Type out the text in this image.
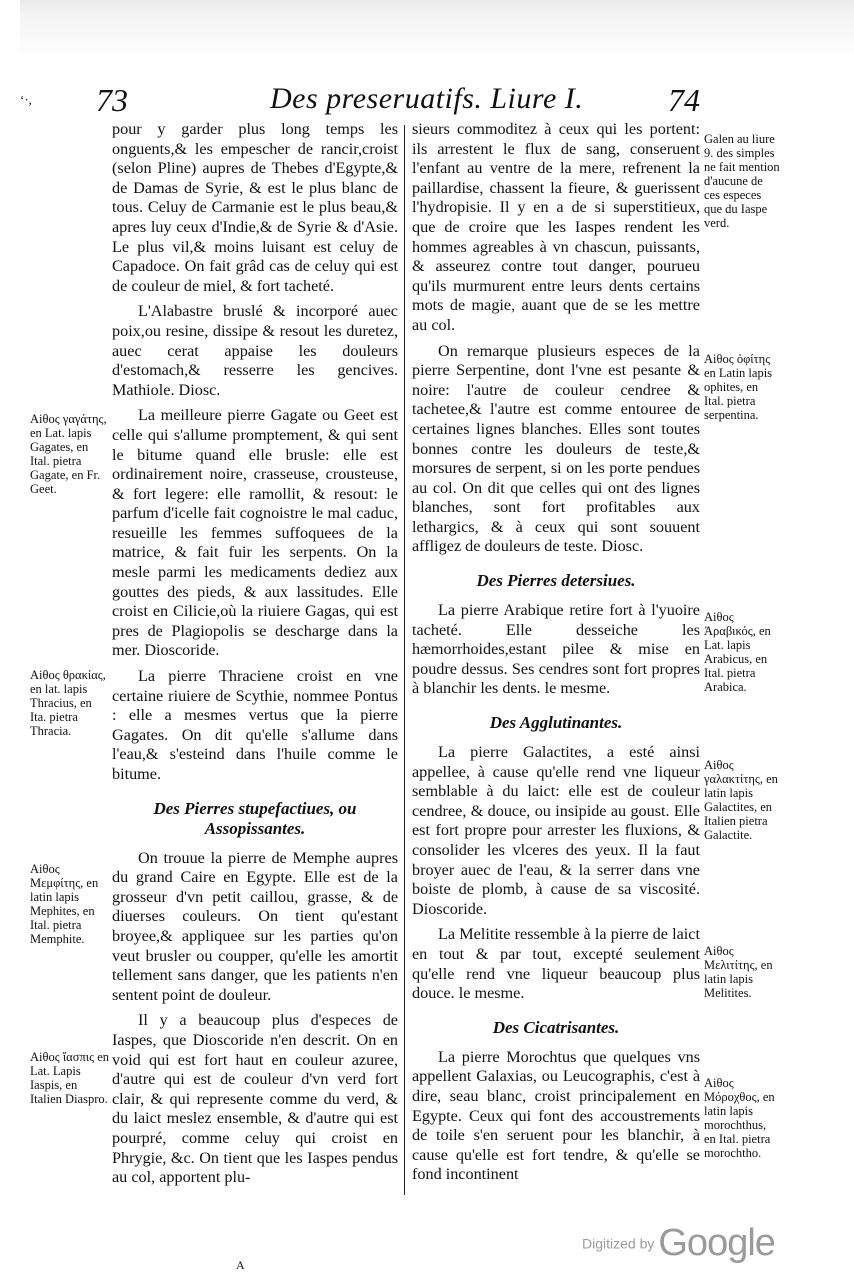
‘·, 73	Des preseruatifs. Liure I.	74

pour y garder plus long temps les onguents,& les empescher de rancir,croist (selon Pline) aupres de Thebes d'Egypte,& de Damas de Syrie, & est le plus blanc de tous. Celuy de Carmanie est le plus beau,& apres luy ceux d'Indie,& de Syrie & d'Asie. Le plus vil,& moins luisant est celuy de Capadoce. On fait grâd cas de celuy qui est de couleur de miel, & fort tacheté.

L'Alabastre bruslé & incorporé auec poix,ou resine, dissipe & resout les duretez, auec cerat appaise les douleurs d'estomach,& resserre les gencives. Mathiole. Diosc.

La meilleure pierre Gagate ou Geet est celle qui s'allume promptement, & qui sent le bitume quand elle brusle: elle est ordinairement noire, crasseuse, crousteuse, & fort legere: elle ramollit, & resout: le parfum d'icelle fait cognoistre le mal caduc, resueille les femmes suffoquees de la matrice, & fait fuir les serpents. On la mesle parmi les medicaments dediez aux gouttes des pieds, & aux lassitudes. Elle croist en Cilicie,où la riuiere Gagas, qui est pres de Plagiopolis se descharge dans la mer. Dioscoride.

La pierre Thraciene croist en vne certaine riuiere de Scythie, nommee Pontus : elle a mesmes vertus que la pierre Gagates. On dit qu'elle s'allume dans l'eau,& s'esteind dans l'huile comme le bitume.

Des Pierres stupefactiues, ou Assopissantes.

On trouue la pierre de Memphe aupres du grand Caire en Egypte. Elle est de la grosseur d'vn petit caillou, grasse, & de diuerses couleurs. On tient qu'estant broyee,& appliquee sur les parties qu'on veut brusler ou coupper, qu'elle les amortit tellement sans danger, que les patients n'en sentent point de douleur.

Il y a beaucoup plus d'especes de Iaspes, que Dioscoride n'en descrit. On en void qui est fort haut en couleur azuree, d'autre qui est de couleur d'vn verd fort clair, & qui represente comme du verd, & du laict meslez ensemble, & d'autre qui est pourpré, comme celuy qui croist en Phrygie, &c. On tient que les Iaspes pendus au col, apportent plu-

sieurs commoditez à ceux qui les portent: ils arrestent le flux de sang, conseruent l'enfant au ventre de la mere, refrenent la paillardise, chassent la fieure, & guerissent l'hydropisie. Il y en a de si superstitieux, que de croire que les Iaspes rendent les hommes agreables à vn chascun, puissants, & asseurez contre tout danger, pourueu qu'ils murmurent entre leurs dents certains mots de magie, auant que de se les mettre au col.

On remarque plusieurs especes de la pierre Serpentine, dont l'vne est pesante & noire: l'autre de couleur cendree & tachetee,& l'autre est comme entouree de certaines lignes blanches. Elles sont toutes bonnes contre les douleurs de teste,& morsures de serpent, si on les porte pendues au col. On dit que celles qui ont des lignes blanches, sont fort profitables aux lethargics, & à ceux qui sont souuent affligez de douleurs de teste. Diosc.

Des Pierres detersiues.

La pierre Arabique retire fort à l'yuoire tacheté. Elle desseiche les hæmorrhoides,estant pilee & mise en poudre dessus. Ses cendres sont fort propres à blanchir les dents. le mesme.

Des Agglutinantes.

La pierre Galactites, a esté ainsi appellee, à cause qu'elle rend vne liqueur semblable à du laict: elle est de couleur cendree, & douce, ou insipide au goust. Elle est fort propre pour arrester les fluxions, & consolider les vlceres des yeux. Il la faut broyer auec de l'eau, & la serrer dans vne boiste de plomb, à cause de sa viscosité. Dioscoride.

La Melitite ressemble à la pierre de laict en tout & par tout, excepté seulement qu'elle rend vne liqueur beaucoup plus douce. le mesme.

Des Cicatrisantes.

La pierre Morochtus que quelques vns appellent Galaxias, ou Leucographis, c'est à dire, seau blanc, croist principalement en Egypte. Ceux qui font des accoustrements de toile s'en seruent pour les blanchir, à cause qu'elle est fort tendre, & qu'elle se fond incontinent

Aiθος γαγάτης, en Lat. lapis Gagates, en Ital. pietra Gagate, en Fr. Geet.
Aiθος θρακίας, en lat. lapis Thracius, en Ita. pietra Thracia.
Aiθος Μεμφίτης, en latin lapis Mephites, en Ital. pietra Memphite.
Aiθος ἴασπις en Lat. Lapis Iaspis, en Italien Diaspro.
Galen au liure 9. des simples ne fait mention d'aucune de ces especes que du Iaspe verd.
Aiθος ὀφίτης en Latin lapis ophites, en Ital. pietra serpentina.
Aiθος Ἀραβικός, en Lat. lapis Arabicus, en Ital. pietra Arabica.
Aiθος γαλακτίτης, en latin lapis Galactites, en Italien pietra Galactite.
Aiθος Μελιτίτης, en latin lapis Melitites.
Aiθος Μόροχθος, en latin lapis morochthus, en Ital. pietra morochtho.
A
Digitized by Google
